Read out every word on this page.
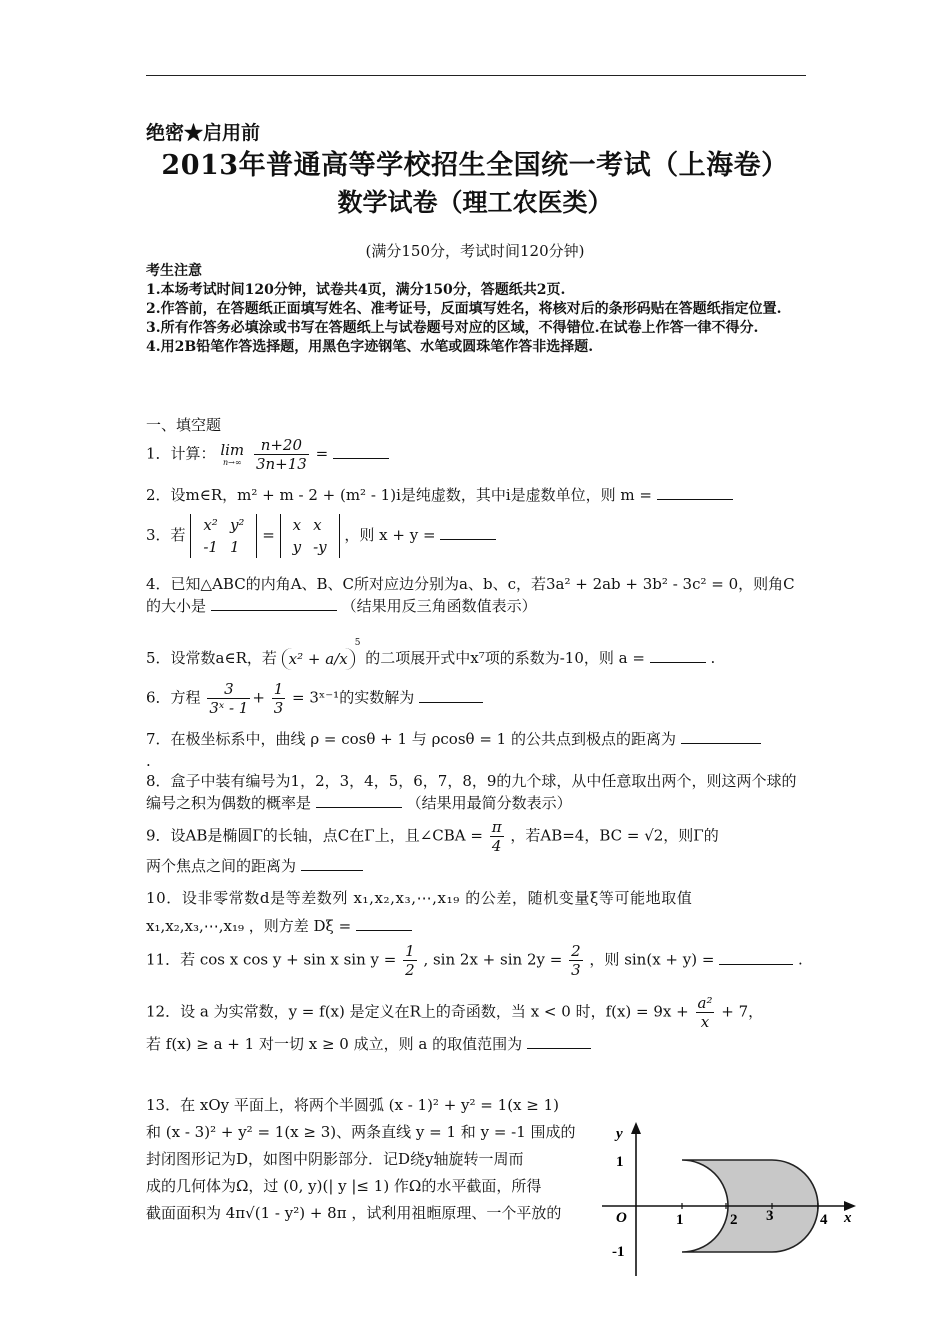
绝密★启用前
2013年普通高等学校招生全国统一考试（上海卷）
数学试卷（理工农医类）
(满分150分，考试时间120分钟)
考生注意
1.本场考试时间120分钟，试卷共4页，满分150分，答题纸共2页.
2.作答前，在答题纸正面填写姓名、准考证号，反面填写姓名，将核对后的条形码贴在答题纸指定位置.
3.所有作答务必填涂或书写在答题纸上与试卷题号对应的区域，不得错位.在试卷上作答一律不得分.
4.用2B铅笔作答选择题，用黑色字迹钢笔、水笔或圆珠笔作答非选择题.
一、填空题
1．计算： lim
n→∞
$\frac{n+20}{3n+13}$ =
2．设m∈R，m² + m - 2 + (m² - 1)i是纯虚数，其中i是虚数单位，则 m =
3．若
x²	y²
-1	1
=
x	x
y	-y
，则 x + y =
4．已知△ABC的内角A、B、C所对应边分别为a、b、c，若3a² + 2ab + 3b² - 3c² = 0，则角C的大小是	（结果用反三角函数值表示）
5．设常数a∈R，若 $x^2 + a/x^5$ 的二项展开式中x⁷项的系数为-10，则 a =	.
6．方程 $\frac{3}{\text{3ˣ - 1}} + \frac{1}{3}$ = 3ˣ⁻¹的实数解为
7．在极坐标系中，曲线 ρ = cosθ + 1 与 ρcosθ = 1 的公共点到极点的距离为
.
8．盒子中装有编号为1，2，3，4，5，6，7，8，9的九个球，从中任意取出两个，则这两个球的编号之积为偶数的概率是	（结果用最简分数表示）
9．设AB是椭圆Γ的长轴，点C在Γ上，且∠CBA = $\frac{\pi}{4}$ ，若AB=4，BC = √2，则Γ的
两个焦点之间的距离为
10．设非零常数d是等差数列 x₁,x₂,x₃,⋯,x₁₉ 的公差，随机变量ξ等可能地取值
x₁,x₂,x₃,⋯,x₁₉ ，则方差 Dξ =
11．若 cos x cos y + sin x $\sin y = \frac{1}{2}$ , $\sin 2x + \sin 2y = \frac{2}{3}$ ，则 sin(x + y) =	.
12．设 a 为实常数，y = f(x) 是定义在R上的奇函数，当 x < 0 时，$f(x) = 9x + \frac{\text{a²}}{x} + 7$，
若 f(x) ≥ a + 1 对一切 x ≥ 0 成立，则 a 的取值范围为
13．在 xOy 平面上，将两个半圆弧 (x - 1)² + y² = 1(x ≥ 1)
和 (x - 3)² + y² = 1(x ≥ 3)、两条直线 y = 1 和 y = -1 围成的
封闭图形记为D，如图中阴影部分．记D绕y轴旋转一周而
成的几何体为Ω，过 (0, y)(| y |≤ 1) 作Ω的水平截面，所得
截面面积为 4π√(1 - y²) + 8π ，试利用祖暅原理、一个平放的
y
x
O
1
-1
1	2 3	4
